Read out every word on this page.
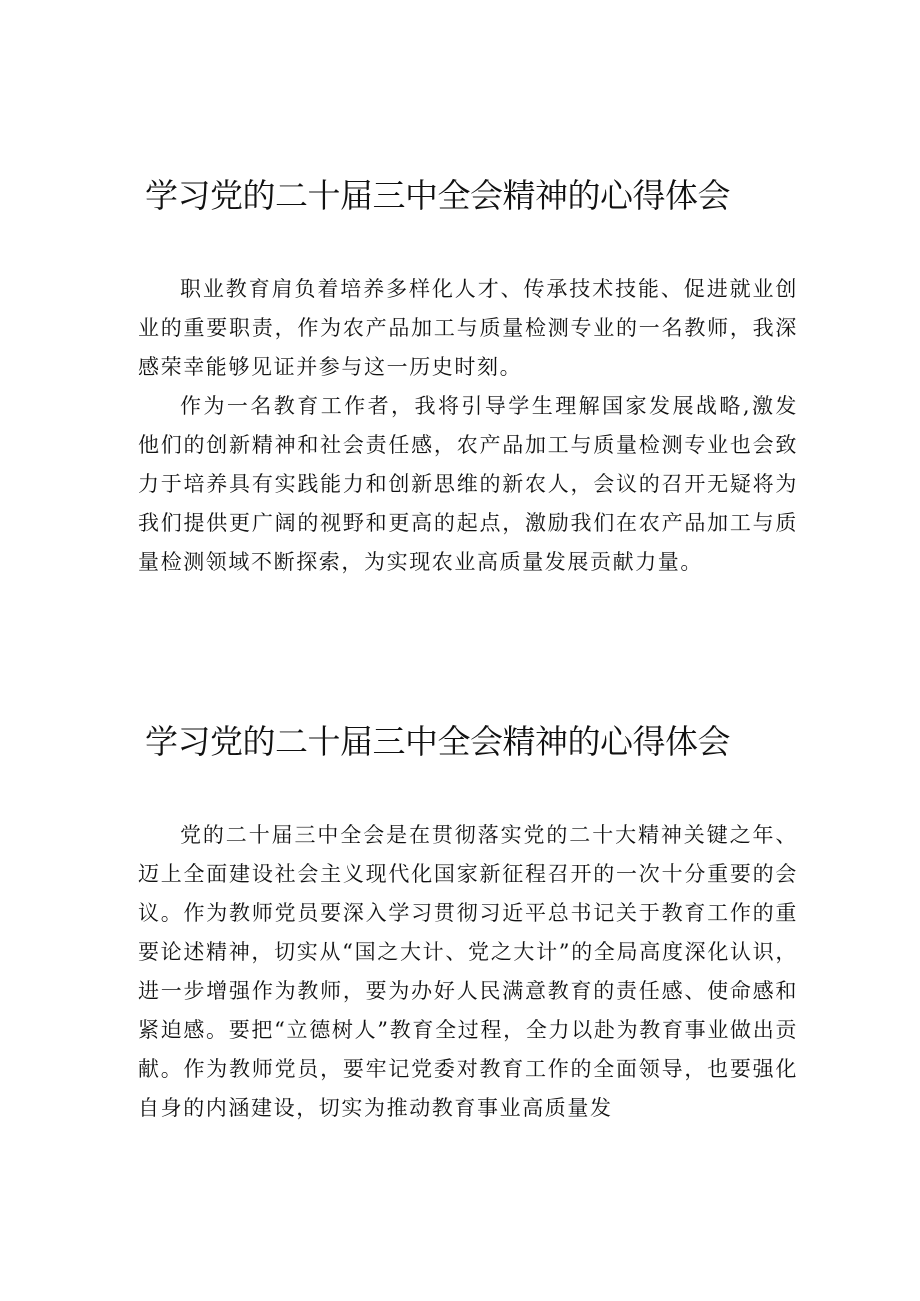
学习党的二十届三中全会精神的心得体会

职业教育肩负着培养多样化人才、传承技术技能、促进就业创业的重要职责，作为农产品加工与质量检测专业的一名教师，我深感荣幸能够见证并参与这一历史时刻。

作为一名教育工作者，我将引导学生理解国家发展战略,激发他们的创新精神和社会责任感，农产品加工与质量检测专业也会致力于培养具有实践能力和创新思维的新农人，会议的召开无疑将为我们提供更广阔的视野和更高的起点，激励我们在农产品加工与质量检测领域不断探索，为实现农业高质量发展贡献力量。

学习党的二十届三中全会精神的心得体会

党的二十届三中全会是在贯彻落实党的二十大精神关键之年、迈上全面建设社会主义现代化国家新征程召开的一次十分重要的会议。作为教师党员要深入学习贯彻习近平总书记关于教育工作的重要论述精神，切实从“国之大计、党之大计”的全局高度深化认识，进一步增强作为教师，要为办好人民满意教育的责任感、使命感和紧迫感。要把“立德树人”教育全过程，全力以赴为教育事业做出贡献。作为教师党员，要牢记党委对教育工作的全面领导，也要强化自身的内涵建设，切实为推动教育事业高质量发
